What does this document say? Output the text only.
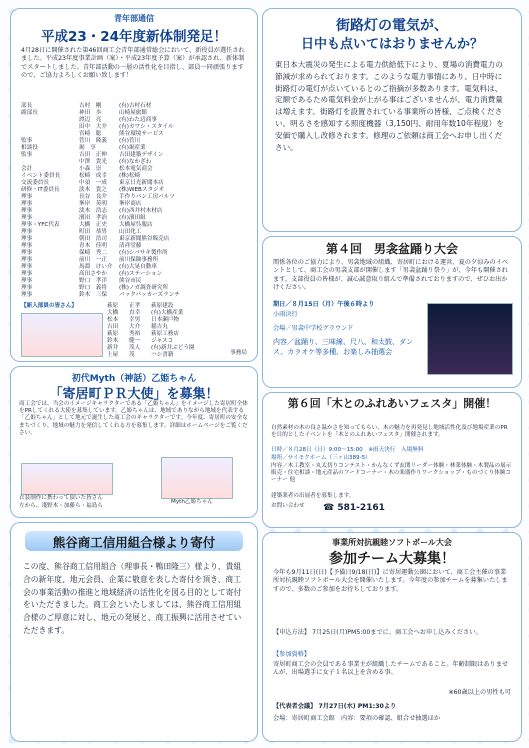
青年部通信
平成23・24年度新体制発足！
4月28日に開催された第46回商工会青年部通常総会において、新役員が選任されました。平成23年度事業計画（案）・平成23年度予算（案）が承認され、新体制でスタートしました。青年部活動の一層の活性化を目指し、部員一同頑張りますので、ご協力よろしくお願い致します！
部長	吉村　剛	(有)吉村石材
副部長	神田　歩	山崎屋旅館
渡辺　亮	(有)わた辺商事
田中　大介	(有)カワシ・スタイル
宮崎　聡	熊谷環境サービス
監事	菅川　隆義	(有)菅川
相談役	堀　享	(有)堀産業
監事	吉田　正伸	吉田建築デザイン
中澤　貴光	(有)なかざわ
会計	小森　崇	松本電気商会
イベント委員長	松崎　成幸	(株)松崎
交流委員長	中須　一成	東京日光新聞本店
研修・IT委員長	淡木　貴之	(株)WEBスタジオ
理事	長谷　良介	手作りパン工房パルツ
理事	峯岸　英明	峯岸商店
理事	淡木　浩志	(有)西井村木材店
理事	濱田　孝治	(有)濱田組
理事・YFC代表	大橋　正史	大橋屋呉服店
理事	町田　恭男	山田化工
理事	朝田　浩司	東京新聞熊谷販売店
理事	青木　佳明	清祥堂藤
理事	保崎　秀二	(有)シバサキ製作所
理事	前川　一正	前川保険事務所
理事	馬淵　けい介	(有)大晃自動車
理事	高田さやか	(有)ステーション
理事	野口　孝洋	熊谷市民
理事	野口　義将	(株)ノガ調査研究所
理事	鈴木　三保	バックパッカーズランチ
【新入部員の皆さん】	萩原	正孝	萩原建設
大橋	直幸	(有)大橋産業
松本	幸男	日本瀬戸物
吉田	大介	稲吉丸
萩原	秀裕	萩原工務店
鈴木	健一	ジャスコ
新井	茂人	(有)新井ぶどう園
土屋	茂	ハシ書籍	事務局
街路灯の電気が、
日中も点いてはおりませんか？
東日本大震災の発生による電力供給低下により、夏場の消費電力の節減が求められております。このような電力事情にあり、日中時に街路灯の電灯が点いているとのご指摘が多数あります。電気料は、定額であるため電気料金が上がる事はございませんが、電力消費量は増えます。街路灯を設置されている事業所の皆様、ご点検ください。明るさを感知する照度機器（3,150円、耐用年数10年程度）を安価で購入し改修されます。修理のご依頼は商工会へお申し出ください。
第４回　男衾盆踊り大会
関係各位のご協力により、男衾地域の組織、寄居町における運営、夏の夕涼みのイベントとして、商工会の男衾支部が開催します「男衾盆踊り祭り」が、今年も開催されます。支部役員の皆様が、誠心誠意取り組んで準備されておりますので、ぜひお出かけください。
期日／８月15日（月）午後６時より
小雨決行
会場／男衾中学校グラウンド
内容／盆踊り、三味線、尺八、和太鼓、ダンス、カラオケ等多種、お楽しみ抽選会
初代Myth（神話）乙姫ちゃん
「寄居町ＰＲ大使」を募集！
商工会では、当会のイメージキャラクターである「乙姫ちゃん」をイメージした寄居町全体をPRしてくれる大使を募集しています。乙姫ちゃんは、地域でありながら地域を代表する「乙姫ちゃん」として地元で誕生した商工会のキャラクターです。今年度、寄居町の安全なまちづくり、地域の魅力を発信してくれる方を募集します。詳細はホームページをご覧ください。
衣装制作に携わって頂いた皆さん
左から、淺野木・加藤ら・福島ら
Myth乙姫ちゃん
第６回「木とのふれあいフェスタ」開催！
自然素材の木の良さ温かさを知ってもらい、木の魅力を再発見し地域活性化及び地場産業のPRを目的としたイベントを「木とのふれあいフェスタ」開催されます。
日時／８月28日（日）9:00〜15:00　※雨天決行　入場無料
場所／サイモクホーム（三ヶ山389-5）
内容／木工教室・丸太切りコンテスト・かんなくず玄関リーダー体験・林業体験・木製品の展示販売・住宅相談・地元産品のフードコーナー・木の楽器作りワークショップ・ものづくり体験コーナー 他
建築業者の出展者を募集します。
お問い合わせ ☎ 581-2161
熊谷商工信用組合様より寄付
この度、熊谷商工信用組合（理事長・鴨田隆三）様より、貴組合の新年度、地元会員、企業に敬意を表した寄付を頂き、商工会の事業活動の推進と地域経済の活性化を図る目的として寄付をいただきました。商工会といたしましては、熊谷商工信用組合様のご厚意に対し、地元の発展と、商工振興に活用させていただきます。
事業所対抗親睦ソフトボール大会
参加チーム大募集！
今年も9月11日(日)【予備日9/18(日)】に寄居運動公園において、商工会主催の事業所対抗親睦ソフトボール大会を開催いたします。今年度の参加チームを募集いたしますので、多数のご参加をお待ちしております。
【申込方法】 7月25日(月)PM5:00までに、商工会へお申し込みください。
【参加資格】
寄居町商工会の会員である事業主が組織したチームであること。年齢制限はありませんが、出場選手に女子１名以上を含める事。
※60歳以上の男性も可
【代表者会議】 7月27日(水) PM1:30より
会場：寄居町商工会館　内容：要項の確認、組合せ抽選ほか
